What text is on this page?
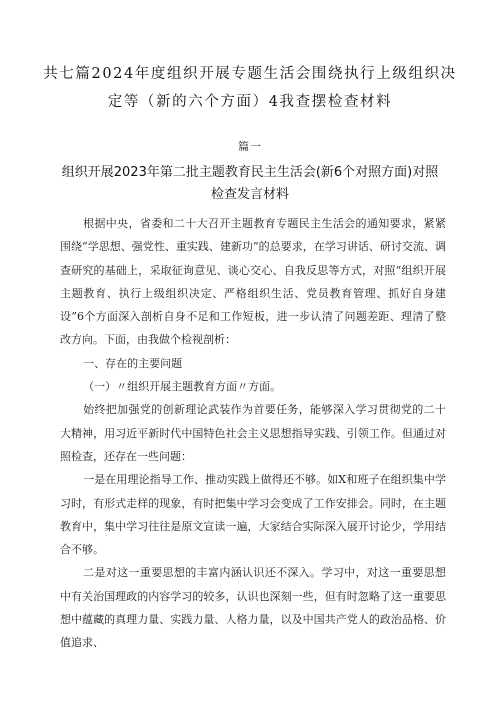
共七篇2024年度组织开展专题生活会围绕执行上级组织决定等（新的六个方面）4我查摆检查材料
篇一
组织开展2023年第二批主题教育民主生活会(新6个对照方面)对照检查发言材料

根据中央，省委和二十大召开主题教育专题民主生活会的通知要求，紧紧围绕“学思想、强党性、重实践、建新功”的总要求，在学习讲话、研讨交流、调查研究的基础上，采取征询意见、谈心交心、自我反思等方式，对照“组织开展主题教育、执行上级组织决定、严格组织生活、党员教育管理、抓好自身建设”6个方面深入剖析自身不足和工作短板，进一步认清了问题差距、理清了整改方向。下面，由我做个检视剖析：

一、存在的主要问题

（一）〃组织开展主题教育方面〃方面。

始终把加强党的创新理论武装作为首要任务，能够深入学习贯彻党的二十大精神，用习近平新时代中国特色社会主义思想指导实践、引领工作。但通过对照检查，还存在一些问题：

一是在用理论指导工作、推动实践上做得还不够。如X和班子在组织集中学习时，有形式走样的现象，有时把集中学习会变成了工作安排会。同时，在主题教育中，集中学习往往是原文宣读一遍，大家结合实际深入展开讨论少，学用结合不够。

二是对这一重要思想的丰富内涵认识还不深入。学习中，对这一重要思想中有关治国理政的内容学习的较多，认识也深刻一些，但有时忽略了这一重要思想中蕴藏的真理力量、实践力量、人格力量，以及中国共产党人的政治品格、价值追求、
